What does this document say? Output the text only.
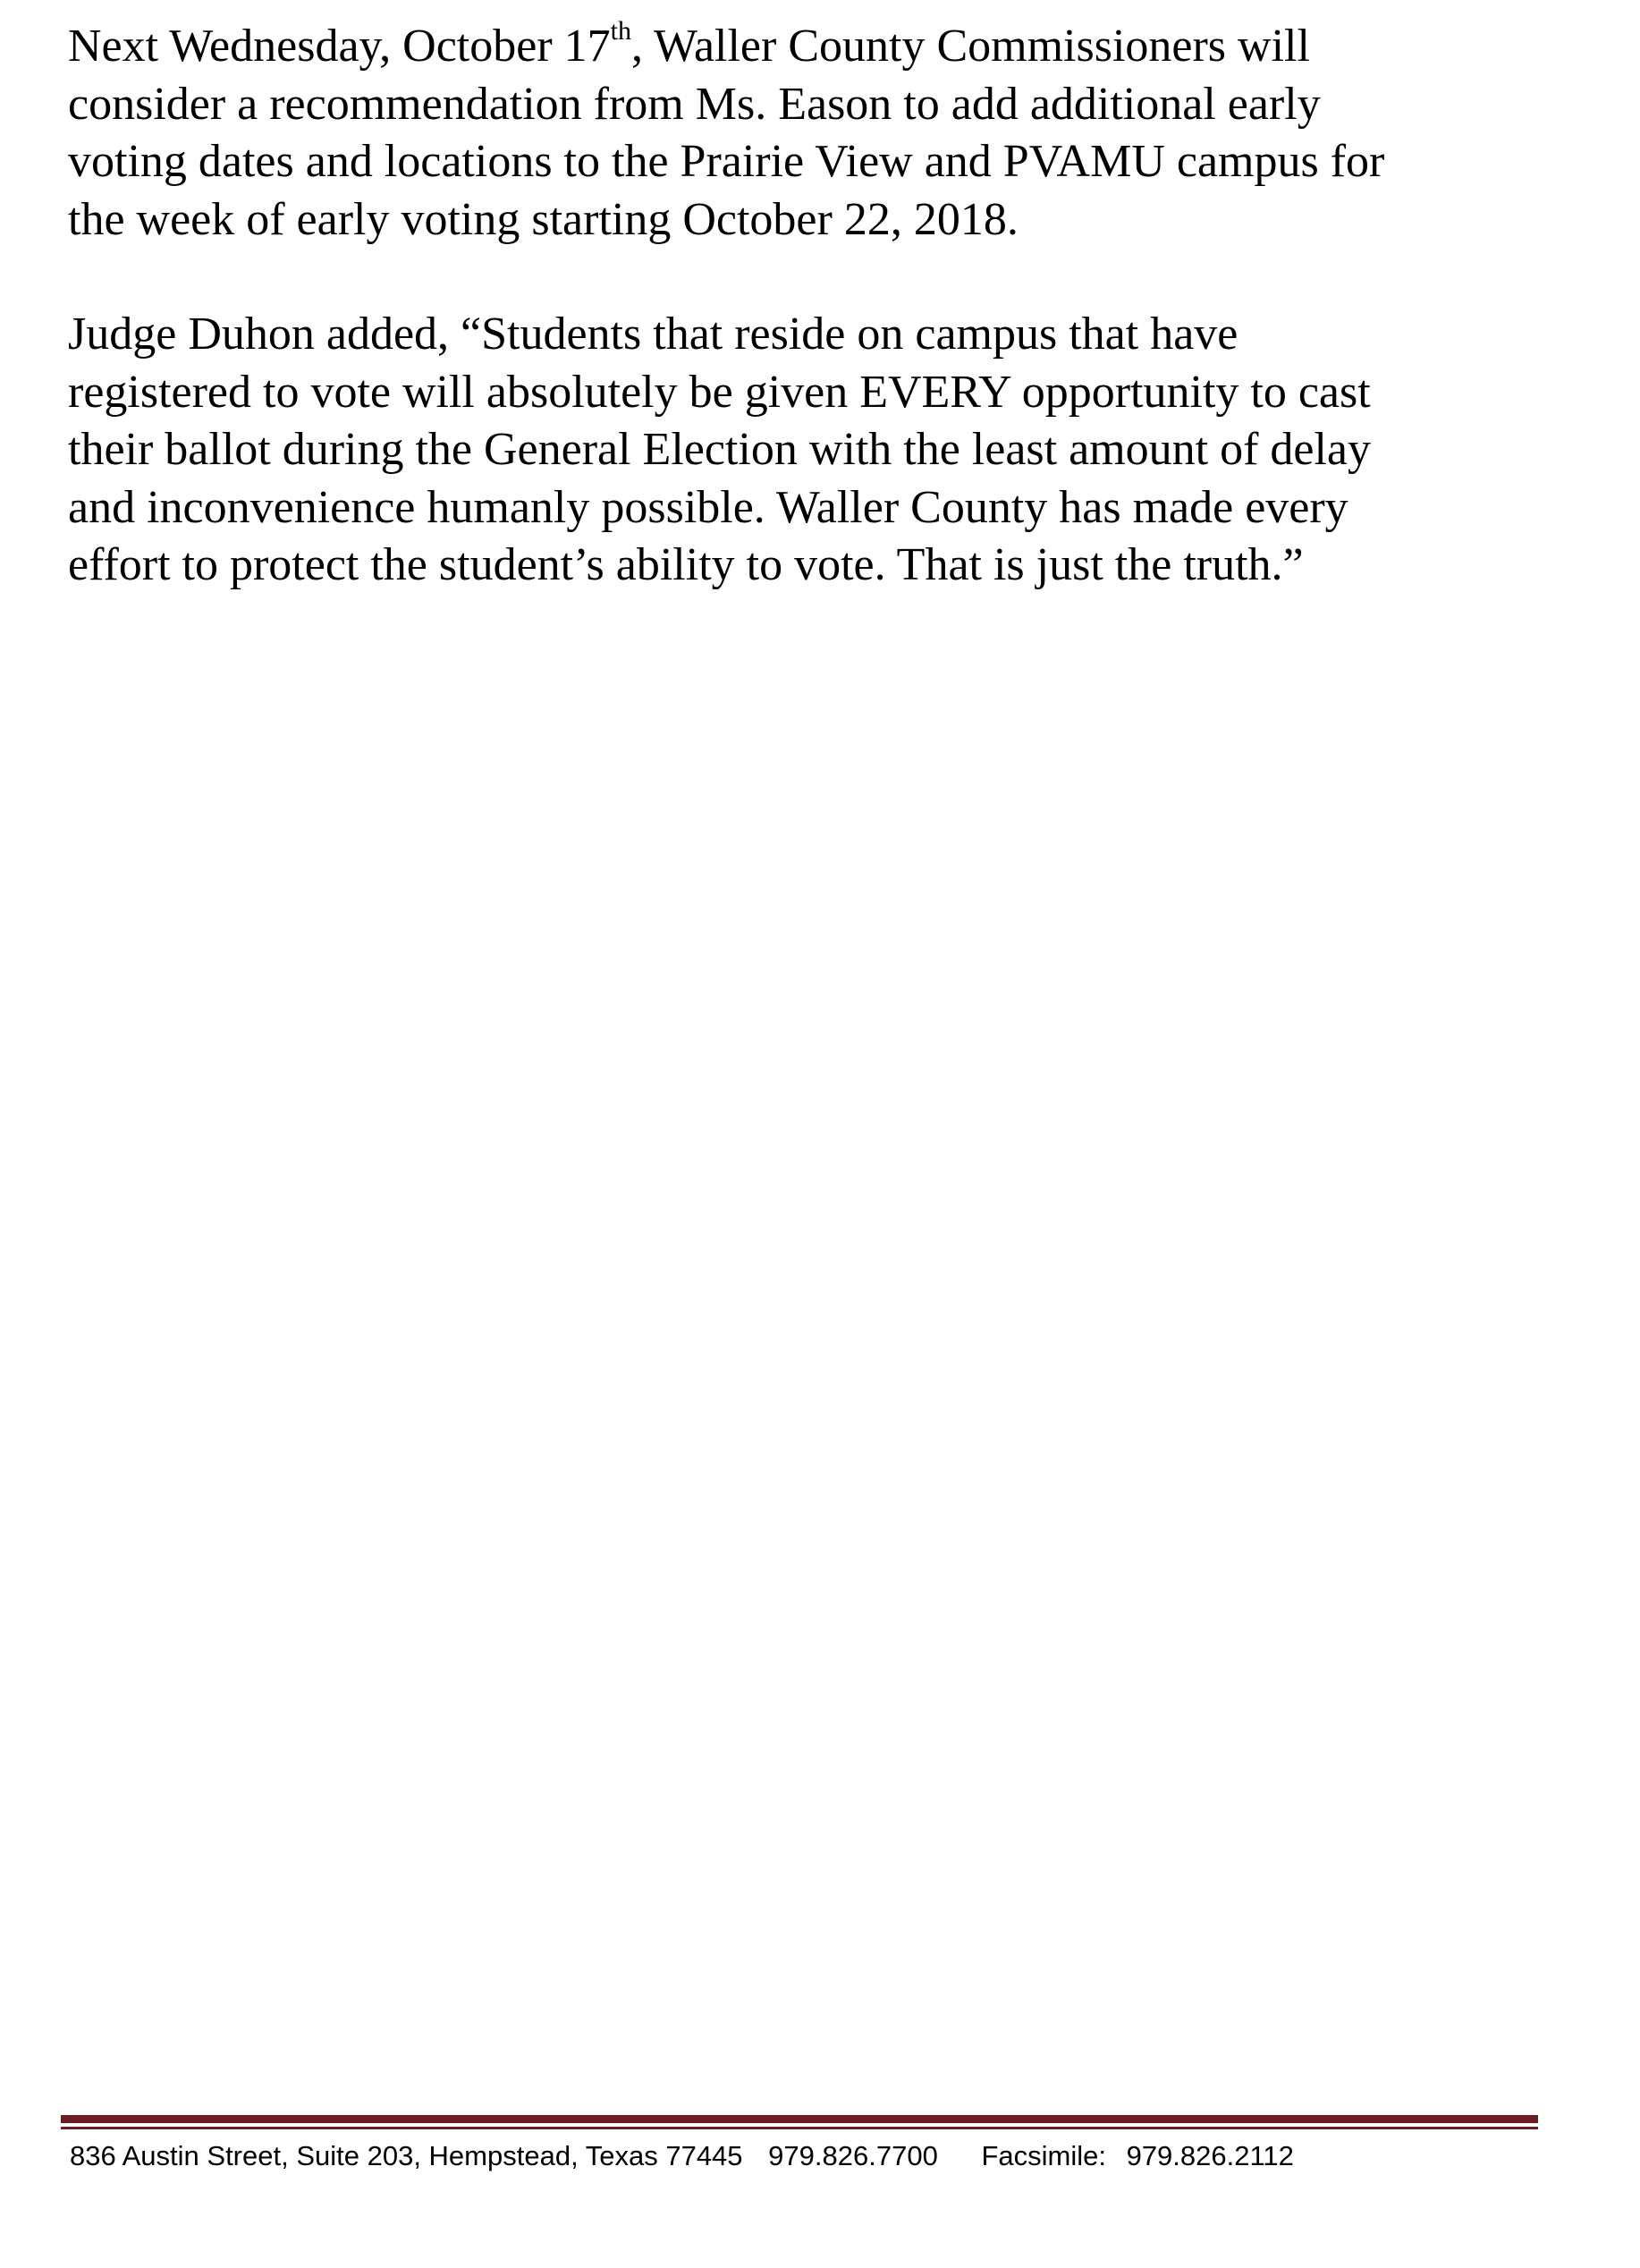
Next Wednesday, October 17th, Waller County Commissioners will
consider a recommendation from Ms. Eason to add additional early
voting dates and locations to the Prairie View and PVAMU campus for
the week of early voting starting October 22, 2018.

Judge Duhon added, “Students that reside on campus that have
registered to vote will absolutely be given EVERY opportunity to cast
their ballot during the General Election with the least amount of delay
and inconvenience humanly possible. Waller County has made every
effort to protect the student’s ability to vote. That is just the truth.”

836 Austin Street, Suite 203, Hempstead, Texas 77445 979.826.7700 Facsimile: 979.826.2112
